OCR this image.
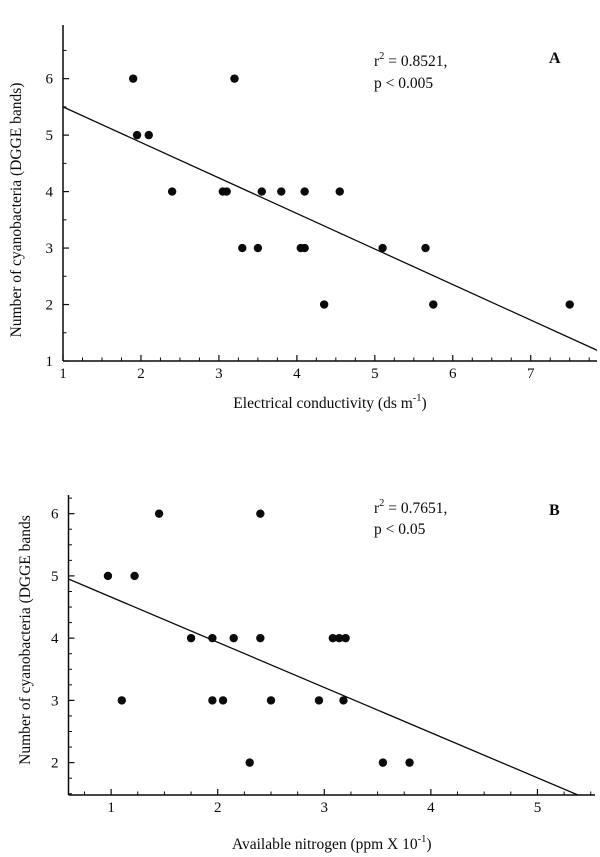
1	2	3	4	5	6	7
1
2
3
4
5
6
Electrical conductivity (ds $m^{-1}$)
Number of cyanobacteria (DGGE bands)
$r^2 = 0.8521$,
p < 0.005
A
1	2	3	4	5
2
3
4
5
6
Available nitrogen (ppm X $10^{-1}$)
Number of cyanobacteria (DGGE bands
$r^2 = 0.7651$,
p < 0.05
B
